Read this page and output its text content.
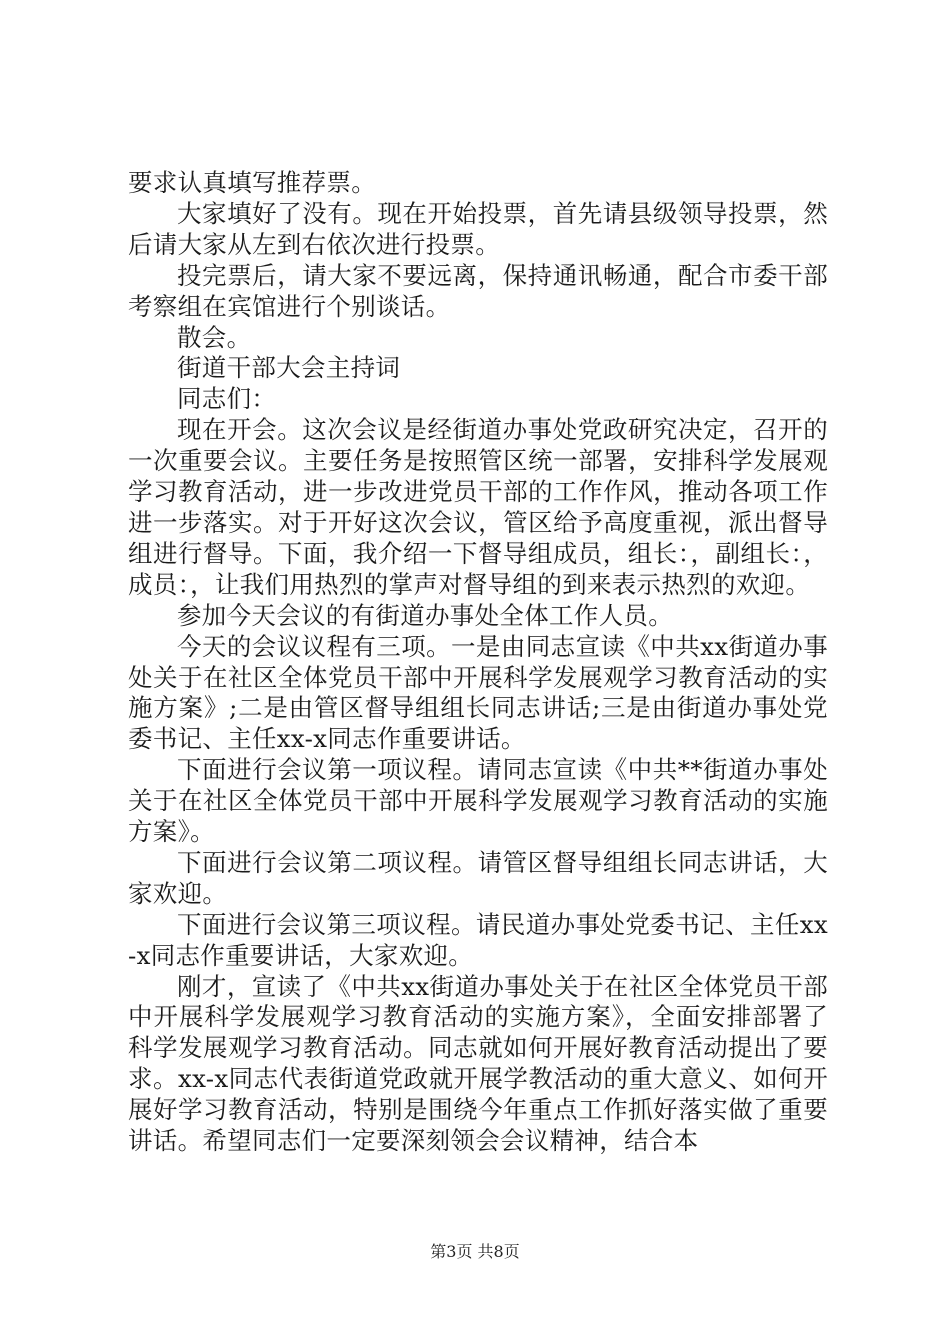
要求认真填写推荐票。

大家填好了没有。现在开始投票，首先请县级领导投票，然后请大家从左到右依次进行投票。

投完票后，请大家不要远离，保持通讯畅通，配合市委干部考察组在宾馆进行个别谈话。

散会。

街道干部大会主持词

同志们：

现在开会。这次会议是经街道办事处党政研究决定，召开的一次重要会议。主要任务是按照管区统一部署，安排科学发展观学习教育活动，进一步改进党员干部的工作作风，推动各项工作进一步落实。对于开好这次会议，管区给予高度重视，派出督导组进行督导。下面，我介绍一下督导组成员，组长：，副组长：，成员：，让我们用热烈的掌声对督导组的到来表示热烈的欢迎。

参加今天会议的有街道办事处全体工作人员。

今天的会议议程有三项。一是由同志宣读《中共xx街道办事处关于在社区全体党员干部中开展科学发展观学习教育活动的实施方案》;二是由管区督导组组长同志讲话;三是由街道办事处党委书记、主任xx-x同志作重要讲话。

下面进行会议第一项议程。请同志宣读《中共**街道办事处关于在社区全体党员干部中开展科学发展观学习教育活动的实施方案》。

下面进行会议第二项议程。请管区督导组组长同志讲话，大家欢迎。

下面进行会议第三项议程。请民道办事处党委书记、主任xx-x同志作重要讲话，大家欢迎。

刚才，宣读了《中共xx街道办事处关于在社区全体党员干部中开展科学发展观学习教育活动的实施方案》，全面安排部署了科学发展观学习教育活动。同志就如何开展好教育活动提出了要求。xx-x同志代表街道党政就开展学教活动的重大意义、如何开展好学习教育活动，特别是围绕今年重点工作抓好落实做了重要讲话。希望同志们一定要深刻领会会议精神，结合本

第3页 共8页
